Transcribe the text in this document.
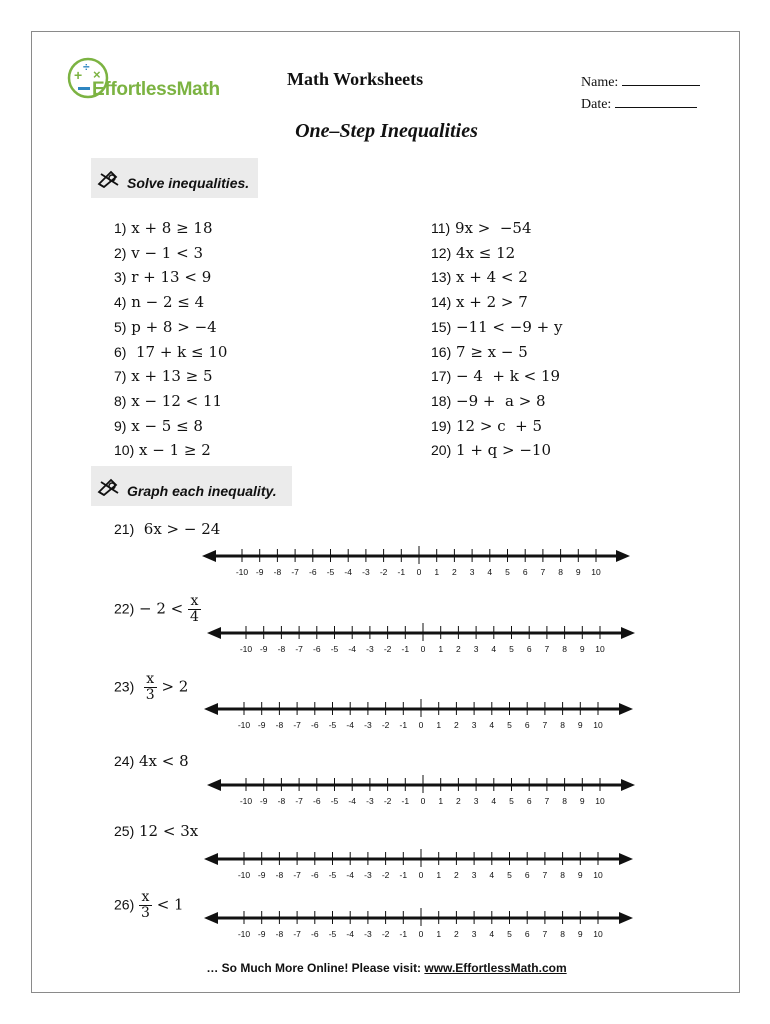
+ ÷ ×
EffortlessMath	Math Worksheets	Name:
Date:
One–Step Inequalities
Solve inequalities.
1) x + 8 ≥ 18
2) v − 1 < 3
3) r + 13 < 9
4) n − 2 ≤ 4
5) p + 8 > −4
6)  17 + k ≤ 10
7) x + 13 ≥ 5
8) x − 12 < 11
9) x − 5 ≤ 8
10) x − 1 ≥ 2
11) 9x >  −54
12) 4x ≤ 12
13) x + 4 < 2
14) x + 2 > 7
15) −11 < −9 + y
16) 7 ≥ x − 5
17) − 4  + k < 19
18) −9 +  a > 8
19) 12 > c  + 5
20) 1 + q > −10
Graph each inequality.
21)  6x > − 24
-10 -9 -8 -7 -6 -5 -4 -3 -2 -1 0 1 2 3 4 5 6 7 8 9 10
$22) - 2 < \frac{x}{4}$
-10 -9 -8 -7 -6 -5 -4 -3 -2 -1 0 1 2 3 4 5 6 7 8 9 10
$23) \frac{x}{3} > 2$
-10 -9 -8 -7 -6 -5 -4 -3 -2 -1 0 1 2 3 4 5 6 7 8 9 10
24) 4x < 8
-10 -9 -8 -7 -6 -5 -4 -3 -2 -1 0 1 2 3 4 5 6 7 8 9 10
25) 12 < 3x
-10 -9 -8 -7 -6 -5 -4 -3 -2 -1 0 1 2 3 4 5 6 7 8 9 10
$26) \frac{x}{3} < 1$
-10 -9 -8 -7 -6 -5 -4 -3 -2 -1 0 1 2 3 4 5 6 7 8 9 10
… So Much More Online! Please visit: www.EffortlessMath.com
